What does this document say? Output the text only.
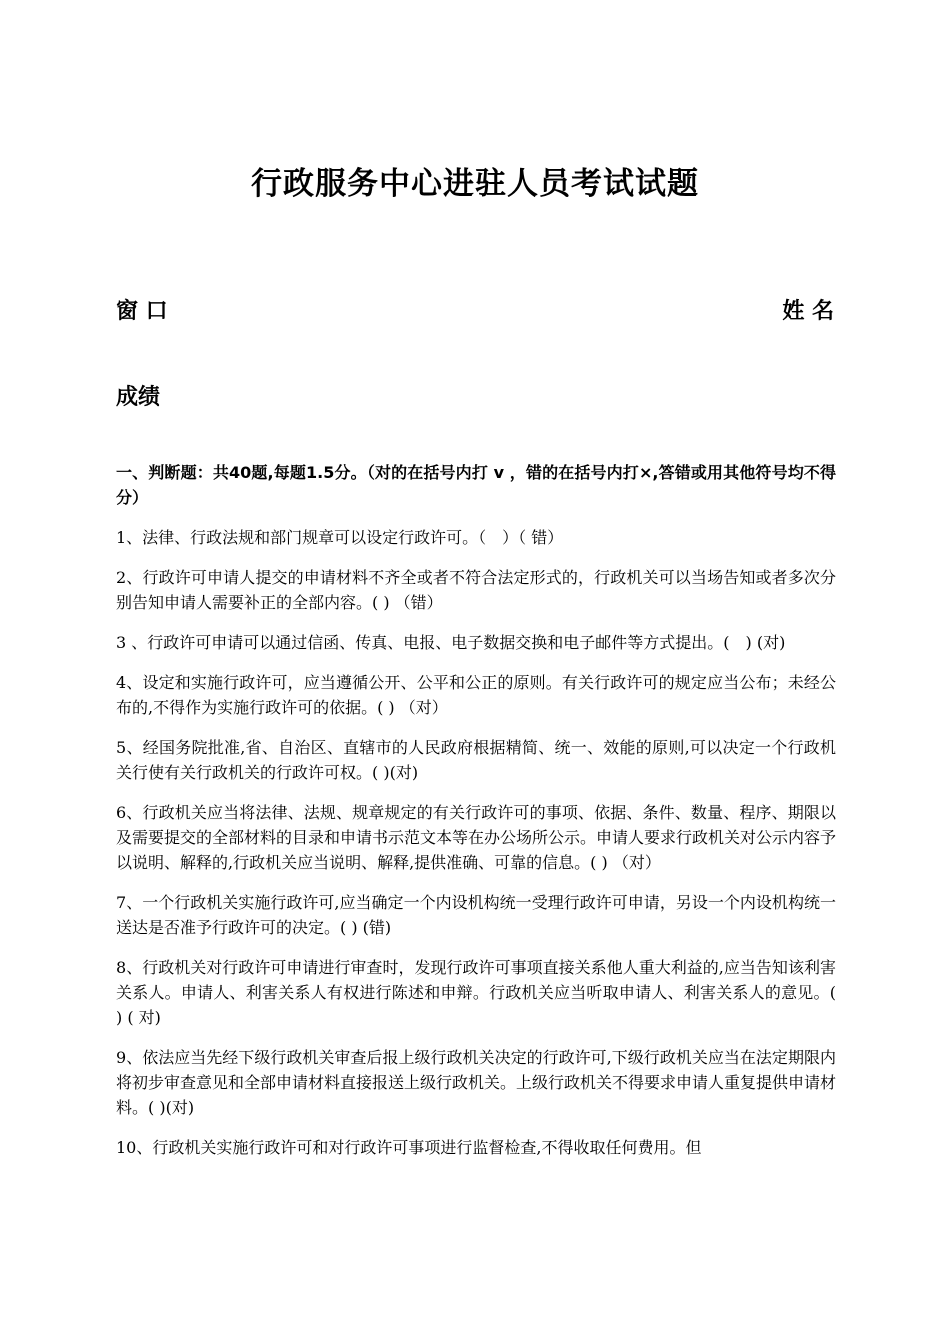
行政服务中心进驻人员考试试题
窗 口	姓 名
成绩

一、判断题：共40题,每题1.5分。（对的在括号内打 v ，错的在括号内打×,答错或用其他符号均不得分）

1、法律、行政法规和部门规章可以设定行政许可。（　）（ 错）

2、行政许可申请人提交的申请材料不齐全或者不符合法定形式的，行政机关可以当场告知或者多次分别告知申请人需要补正的全部内容。( ) （错）

3 、行政许可申请可以通过信函、传真、电报、电子数据交换和电子邮件等方式提出。(　) (对)

4、设定和实施行政许可，应当遵循公开、公平和公正的原则。有关行政许可的规定应当公布；未经公布的,不得作为实施行政许可的依据。( ) （对）

5、经国务院批准,省、自治区、直辖市的人民政府根据精简、统一、效能的原则,可以决定一个行政机关行使有关行政机关的行政许可权。( )(对)

6、行政机关应当将法律、法规、规章规定的有关行政许可的事项、依据、条件、数量、程序、期限以及需要提交的全部材料的目录和申请书示范文本等在办公场所公示。申请人要求行政机关对公示内容予以说明、解释的,行政机关应当说明、解释,提供准确、可靠的信息。( ) （对）

7、一个行政机关实施行政许可,应当确定一个内设机构统一受理行政许可申请，另设一个内设机构统一送达是否准予行政许可的决定。( ) (错)

8、行政机关对行政许可申请进行审查时，发现行政许可事项直接关系他人重大利益的,应当告知该利害关系人。申请人、利害关系人有权进行陈述和申辩。行政机关应当听取申请人、利害关系人的意见。( ) ( 对)

9、依法应当先经下级行政机关审查后报上级行政机关决定的行政许可,下级行政机关应当在法定期限内将初步审查意见和全部申请材料直接报送上级行政机关。上级行政机关不得要求申请人重复提供申请材料。( )(对)

10、行政机关实施行政许可和对行政许可事项进行监督检查,不得收取任何费用。但
